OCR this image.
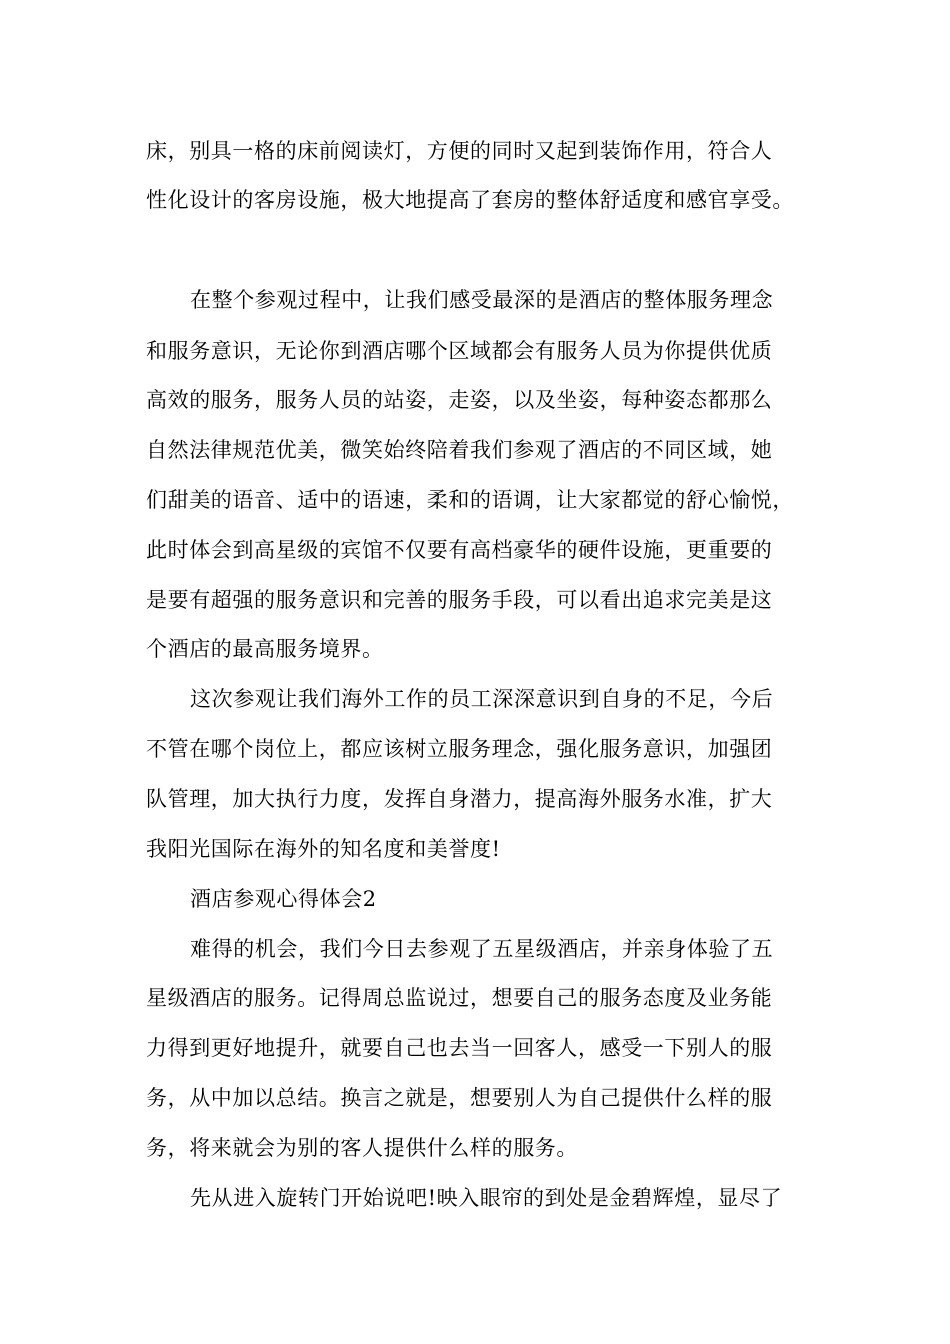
床，别具一格的床前阅读灯，方便的同时又起到装饰作用，符合人
性化设计的客房设施，极大地提高了套房的整体舒适度和感官享受。
在整个参观过程中，让我们感受最深的是酒店的整体服务理念
和服务意识，无论你到酒店哪个区域都会有服务人员为你提供优质
高效的服务，服务人员的站姿，走姿，以及坐姿，每种姿态都那么
自然法律规范优美，微笑始终陪着我们参观了酒店的不同区域，她
们甜美的语音、适中的语速，柔和的语调，让大家都觉的舒心愉悦，
此时体会到高星级的宾馆不仅要有高档豪华的硬件设施，更重要的
是要有超强的服务意识和完善的服务手段，可以看出追求完美是这
个酒店的最高服务境界。
这次参观让我们海外工作的员工深深意识到自身的不足，今后
不管在哪个岗位上，都应该树立服务理念，强化服务意识，加强团
队管理，加大执行力度，发挥自身潜力，提高海外服务水准，扩大
我阳光国际在海外的知名度和美誉度!
酒店参观心得体会2
难得的机会，我们今日去参观了五星级酒店，并亲身体验了五
星级酒店的服务。记得周总监说过，想要自己的服务态度及业务能
力得到更好地提升，就要自己也去当一回客人，感受一下别人的服
务，从中加以总结。换言之就是，想要别人为自己提供什么样的服
务，将来就会为别的客人提供什么样的服务。
先从进入旋转门开始说吧!映入眼帘的到处是金碧辉煌，显尽了
